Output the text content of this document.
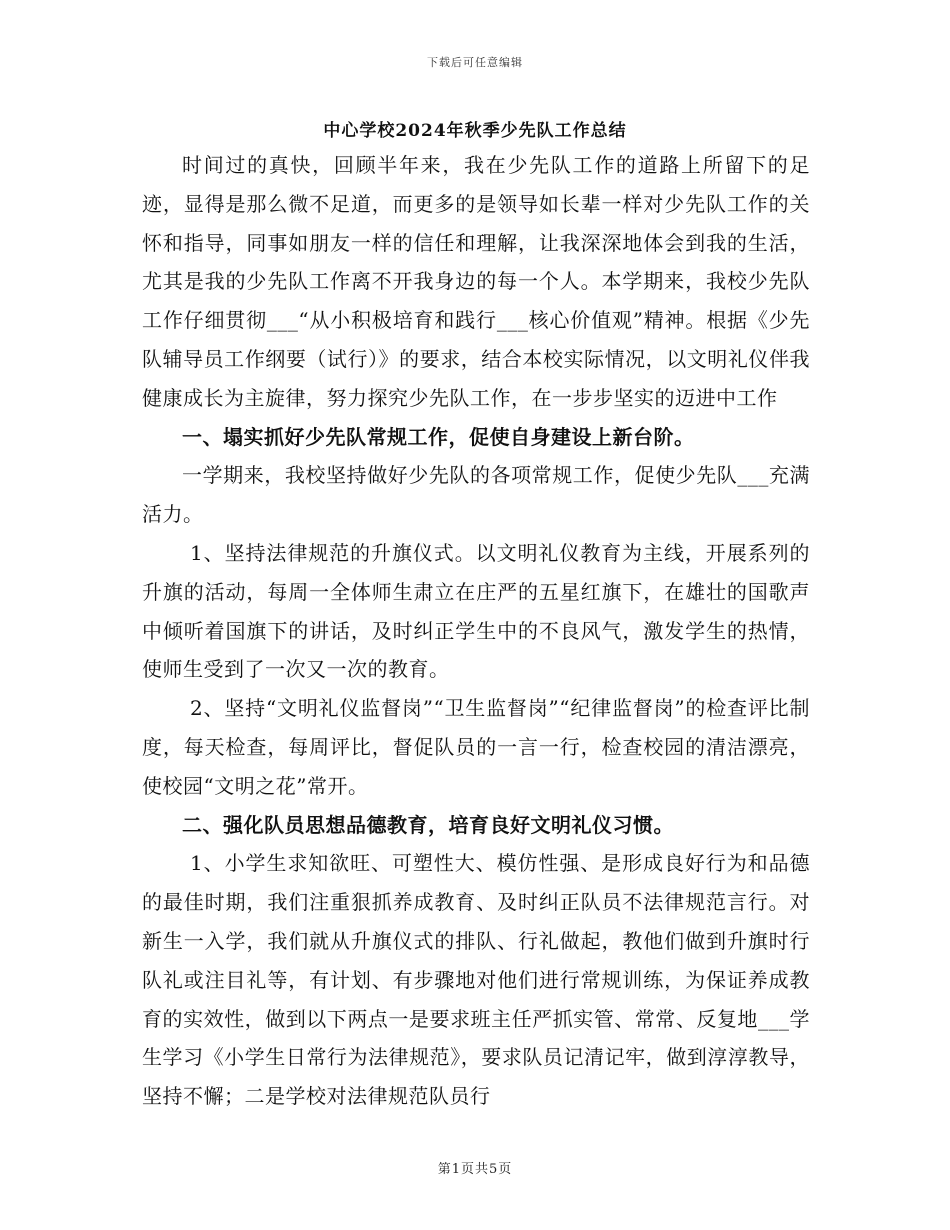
下载后可任意编辑
中心学校2024年秋季少先队工作总结

时间过的真快，回顾半年来，我在少先队工作的道路上所留下的足迹，显得是那么微不足道，而更多的是领导如长辈一样对少先队工作的关怀和指导，同事如朋友一样的信任和理解，让我深深地体会到我的生活，尤其是我的少先队工作离不开我身边的每一个人。本学期来，我校少先队工作仔细贯彻___“从小积极培育和践行___核心价值观”精神。根据《少先队辅导员工作纲要（试行）》的要求，结合本校实际情况，以文明礼仪伴我健康成长为主旋律，努力探究少先队工作，在一步步坚实的迈进中工作

一、塌实抓好少先队常规工作，促使自身建设上新台阶。

一学期来，我校坚持做好少先队的各项常规工作，促使少先队___充满活力。

1、坚持法律规范的升旗仪式。以文明礼仪教育为主线，开展系列的升旗的活动，每周一全体师生肃立在庄严的五星红旗下，在雄壮的国歌声中倾听着国旗下的讲话，及时纠正学生中的不良风气，激发学生的热情，使师生受到了一次又一次的教育。

2、坚持“文明礼仪监督岗”“卫生监督岗”“纪律监督岗”的检查评比制度，每天检查，每周评比，督促队员的一言一行，检查校园的清洁漂亮，使校园“文明之花”常开。

二、强化队员思想品德教育，培育良好文明礼仪习惯。

1、小学生求知欲旺、可塑性大、模仿性强、是形成良好行为和品德的最佳时期，我们注重狠抓养成教育、及时纠正队员不法律规范言行。对新生一入学，我们就从升旗仪式的排队、行礼做起，教他们做到升旗时行队礼或注目礼等，有计划、有步骤地对他们进行常规训练，为保证养成教育的实效性，做到以下两点一是要求班主任严抓实管、常常、反复地___学生学习《小学生日常行为法律规范》，要求队员记清记牢，做到淳淳教导，坚持不懈；二是学校对法律规范队员行

第1页共5页
